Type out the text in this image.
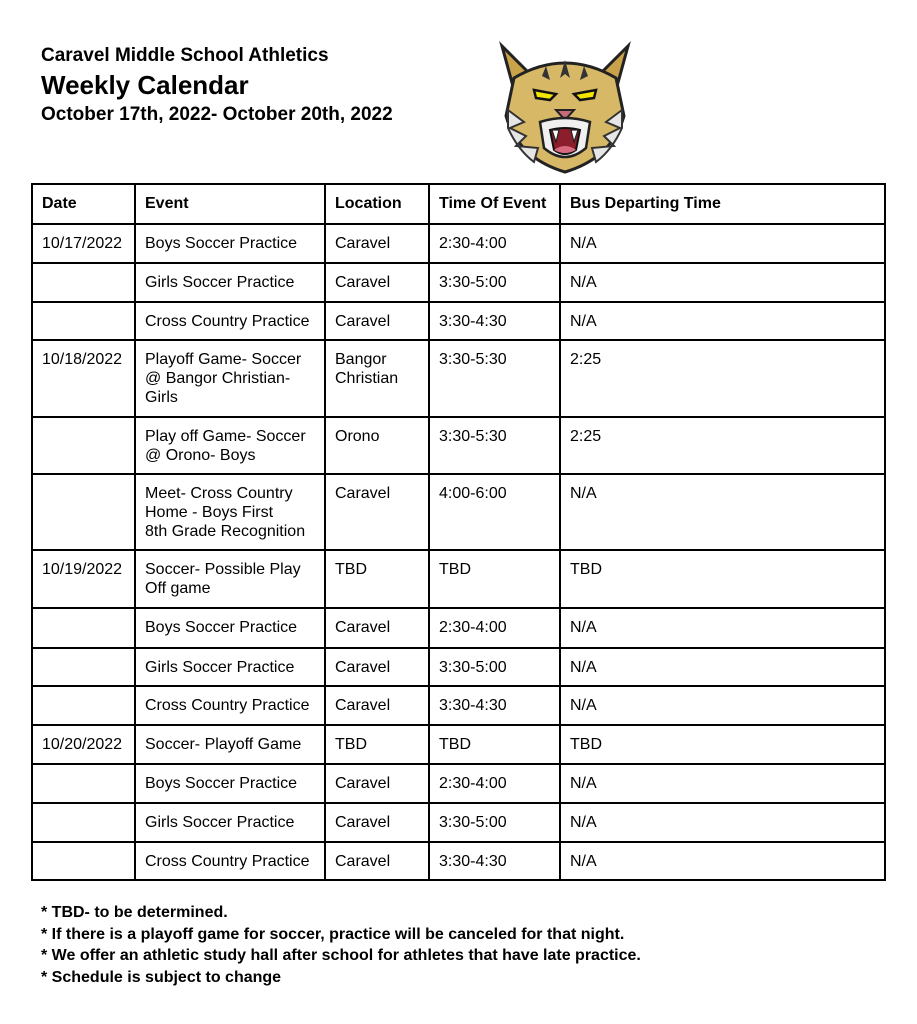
Caravel Middle School Athletics

Weekly Calendar

October 17th, 2022- October 20th, 2022

Date	Event	Location	Time Of Event	Bus Departing Time
10/17/2022	Boys Soccer Practice	Caravel	2:30-4:00	N/A
	Girls Soccer Practice	Caravel	3:30-5:00	N/A
	Cross Country Practice	Caravel	3:30-4:30	N/A
10/18/2022	Playoff Game- Soccer
@ Bangor Christian-
Girls	Bangor
Christian	3:30-5:30	2:25
	Play off Game- Soccer
@ Orono- Boys	Orono	3:30-5:30	2:25
	Meet- Cross Country
Home - Boys First
8th Grade Recognition	Caravel	4:00-6:00	N/A
10/19/2022	Soccer- Possible Play
Off game	TBD	TBD	TBD
	Boys Soccer Practice	Caravel	2:30-4:00	N/A
	Girls Soccer Practice	Caravel	3:30-5:00	N/A
	Cross Country Practice	Caravel	3:30-4:30	N/A
10/20/2022	Soccer- Playoff Game	TBD	TBD	TBD
	Boys Soccer Practice	Caravel	2:30-4:00	N/A
	Girls Soccer Practice	Caravel	3:30-5:00	N/A
	Cross Country Practice	Caravel	3:30-4:30	N/A
* TBD- to be determined.
* If there is a playoff game for soccer, practice will be canceled for that night.
* We offer an athletic study hall after school for athletes that have late practice.
* Schedule is subject to change
